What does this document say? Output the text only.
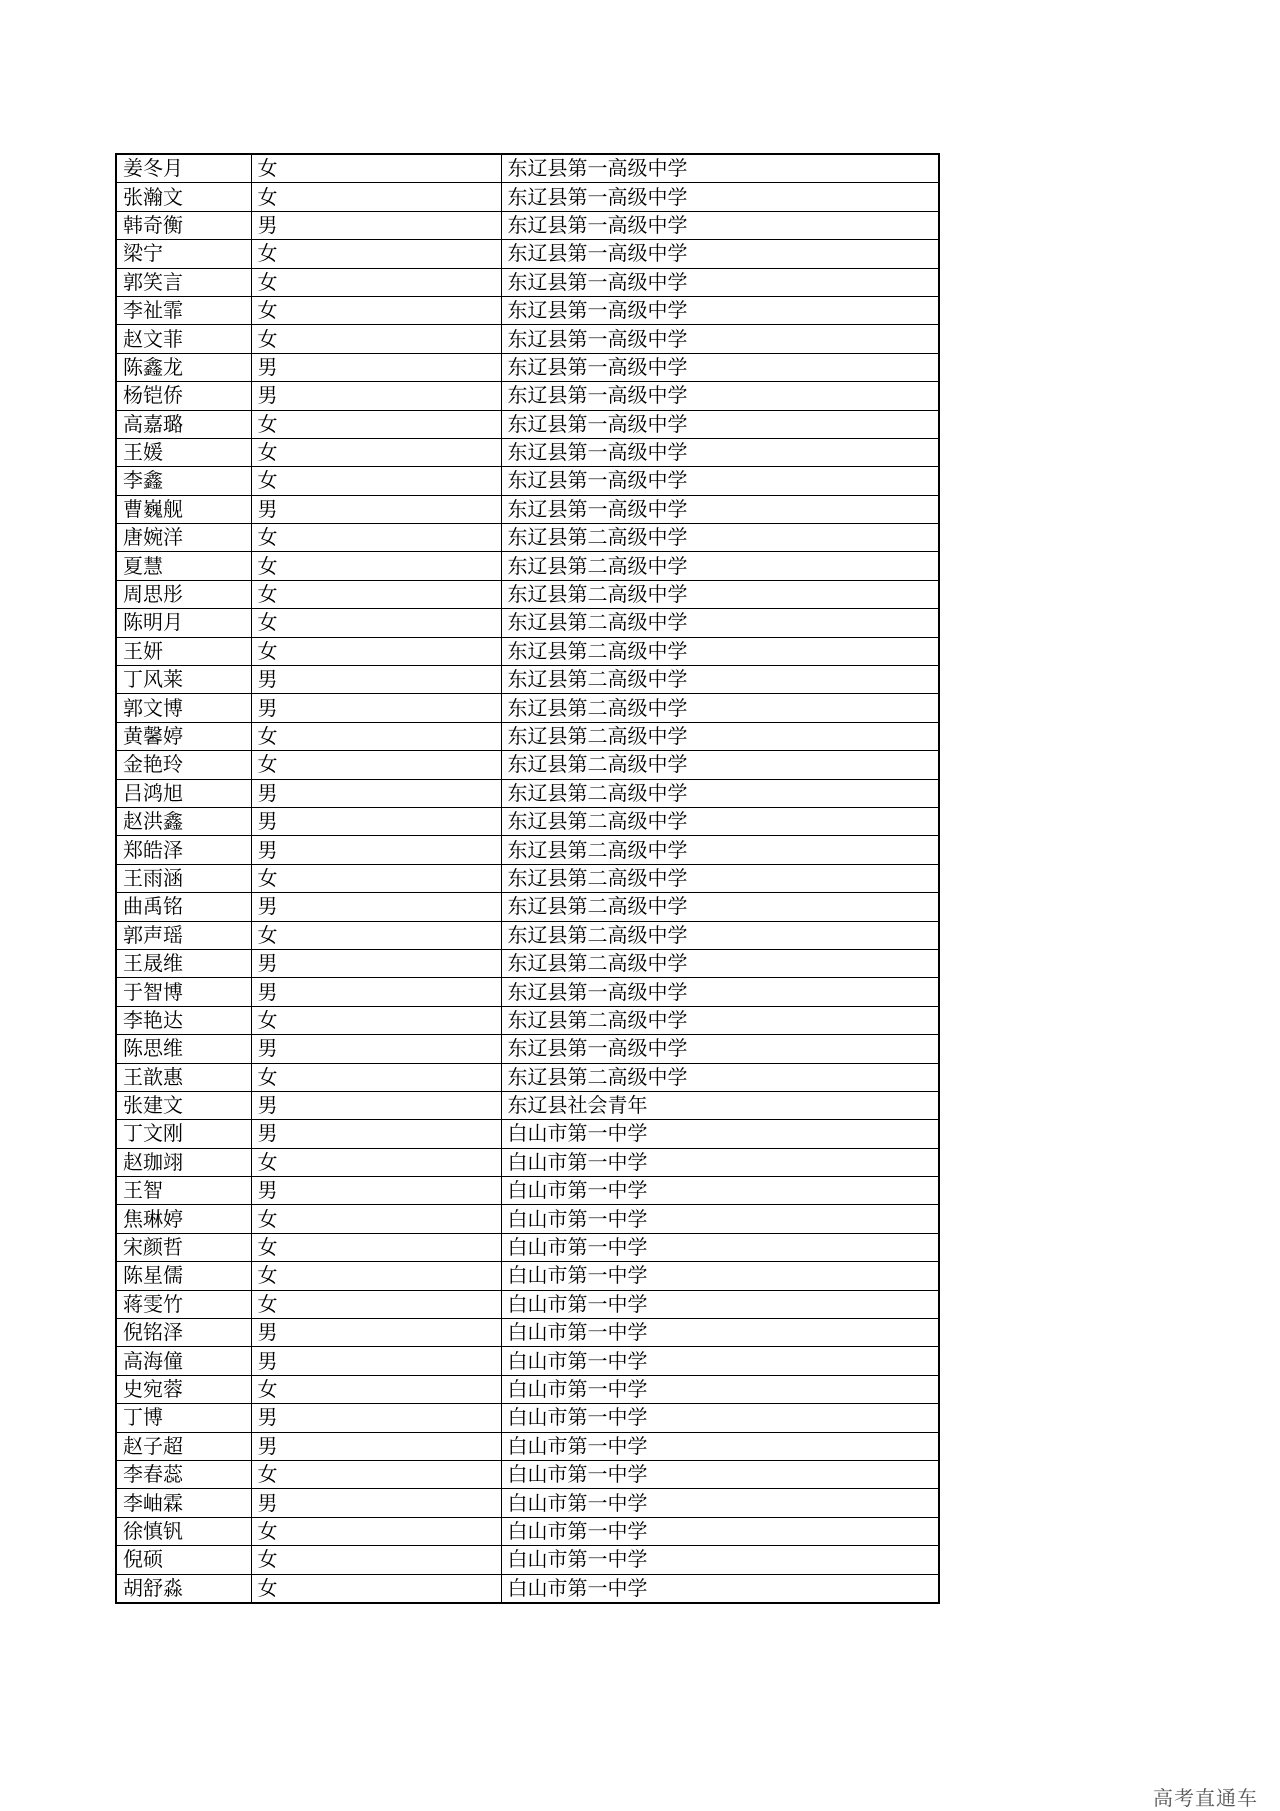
姜冬月	女	东辽县第一高级中学
张瀚文	女	东辽县第一高级中学
韩奇衡	男	东辽县第一高级中学
梁宁	女	东辽县第一高级中学
郭笑言	女	东辽县第一高级中学
李祉霏	女	东辽县第一高级中学
赵文菲	女	东辽县第一高级中学
陈鑫龙	男	东辽县第一高级中学
杨铠侨	男	东辽县第一高级中学
高嘉璐	女	东辽县第一高级中学
王媛	女	东辽县第一高级中学
李鑫	女	东辽县第一高级中学
曹巍舰	男	东辽县第一高级中学
唐婉洋	女	东辽县第二高级中学
夏慧	女	东辽县第二高级中学
周思彤	女	东辽县第二高级中学
陈明月	女	东辽县第二高级中学
王妍	女	东辽县第二高级中学
丁风莱	男	东辽县第二高级中学
郭文博	男	东辽县第二高级中学
黄馨婷	女	东辽县第二高级中学
金艳玲	女	东辽县第二高级中学
吕鸿旭	男	东辽县第二高级中学
赵洪鑫	男	东辽县第二高级中学
郑皓泽	男	东辽县第二高级中学
王雨涵	女	东辽县第二高级中学
曲禹铭	男	东辽县第二高级中学
郭声瑶	女	东辽县第二高级中学
王晟维	男	东辽县第二高级中学
于智博	男	东辽县第一高级中学
李艳达	女	东辽县第二高级中学
陈思维	男	东辽县第一高级中学
王歆惠	女	东辽县第二高级中学
张建文	男	东辽县社会青年
丁文刚	男	白山市第一中学
赵珈翊	女	白山市第一中学
王智	男	白山市第一中学
焦琳婷	女	白山市第一中学
宋颜哲	女	白山市第一中学
陈星儒	女	白山市第一中学
蒋雯竹	女	白山市第一中学
倪铭泽	男	白山市第一中学
高海僮	男	白山市第一中学
史宛蓉	女	白山市第一中学
丁博	男	白山市第一中学
赵子超	男	白山市第一中学
李春蕊	女	白山市第一中学
李岫霖	男	白山市第一中学
徐慎钒	女	白山市第一中学
倪硕	女	白山市第一中学
胡舒淼	女	白山市第一中学
高考直通车
